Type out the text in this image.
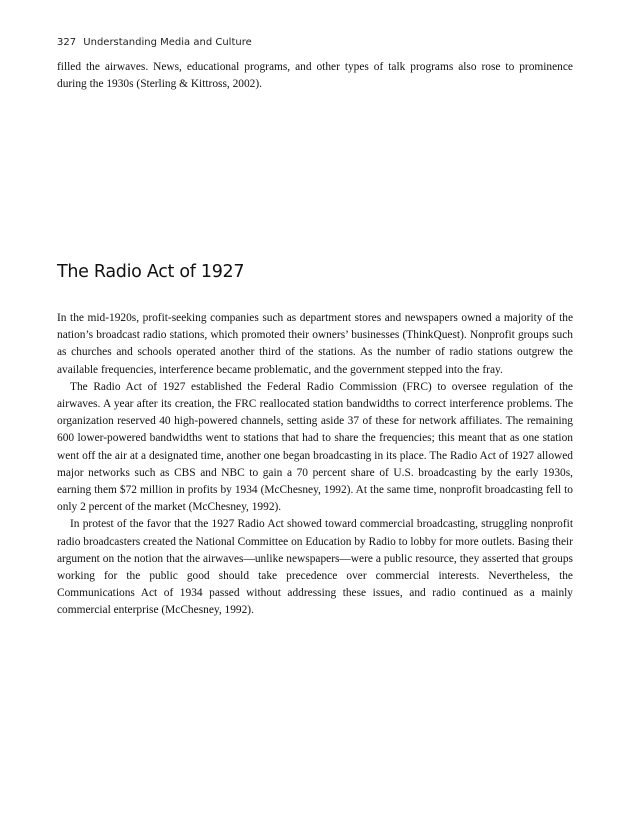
327 Understanding Media and Culture

filled the airwaves. News, educational programs, and other types of talk programs also rose to prominence during the 1930s (Sterling & Kittross, 2002).

The Radio Act of 1927

In the mid-1920s, profit-seeking companies such as department stores and newspapers owned a majority of the nation’s broadcast radio stations, which promoted their owners’ businesses (ThinkQuest). Nonprofit groups such as churches and schools operated another third of the stations. As the number of radio stations outgrew the available frequencies, interference became problematic, and the government stepped into the fray.

The Radio Act of 1927 established the Federal Radio Commission (FRC) to oversee regulation of the airwaves. A year after its creation, the FRC reallocated station bandwidths to correct interference problems. The organization reserved 40 high-powered channels, setting aside 37 of these for network affiliates. The remaining 600 lower-powered bandwidths went to stations that had to share the frequencies; this meant that as one station went off the air at a designated time, another one began broadcasting in its place. The Radio Act of 1927 allowed major networks such as CBS and NBC to gain a 70 percent share of U.S. broadcasting by the early 1930s, earning them $72 million in profits by 1934 (McChesney, 1992). At the same time, nonprofit broadcasting fell to only 2 percent of the market (McChesney, 1992).

In protest of the favor that the 1927 Radio Act showed toward commercial broadcasting, struggling nonprofit radio broadcasters created the National Committee on Education by Radio to lobby for more outlets. Basing their argument on the notion that the airwaves—unlike newspapers—were a public resource, they asserted that groups working for the public good should take precedence over commercial interests. Nevertheless, the Communications Act of 1934 passed without addressing these issues, and radio continued as a mainly commercial enterprise (McChesney, 1992).
